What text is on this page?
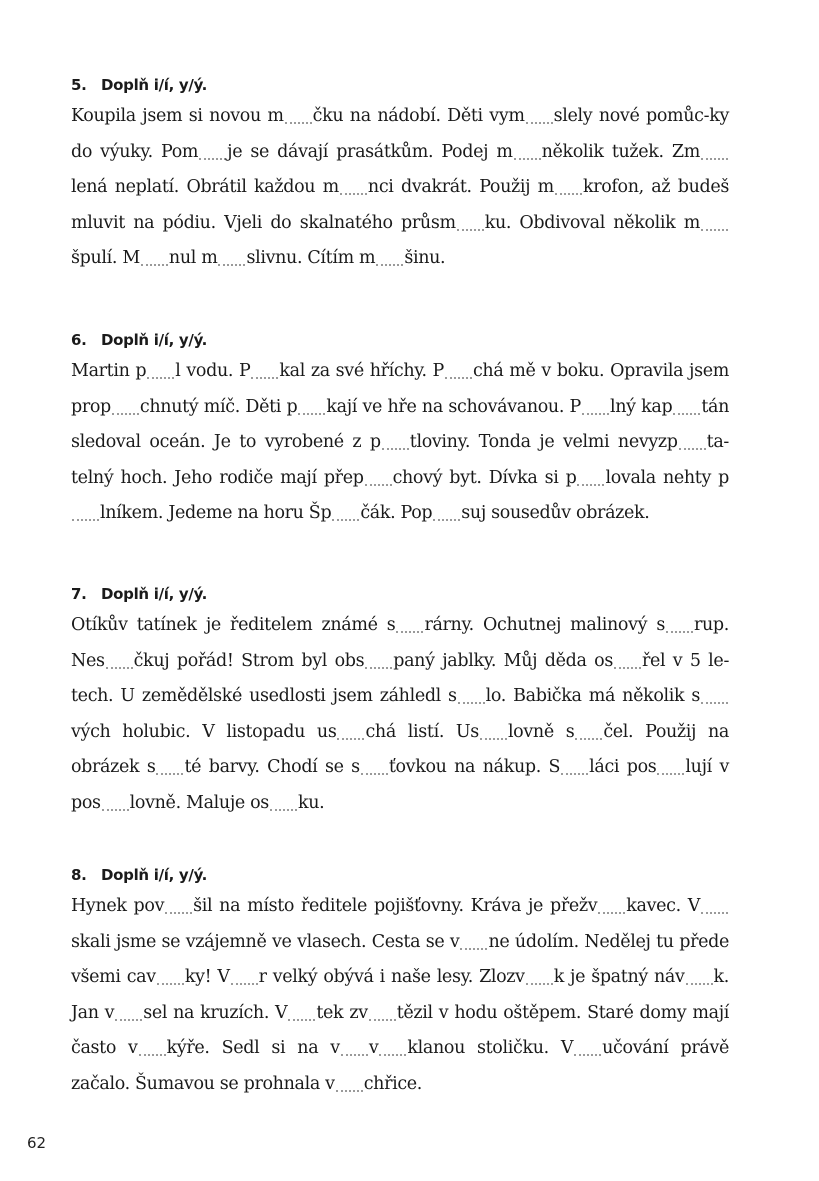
5. Doplň i/í, y/ý.
Koupila jsem si novou m čku na nádobí. Děti vym slely nové pomůc-ky do výuky. Pom je se dávají prasátkům. Podej m několik tužek. Zmlená neplatí. Obrátil každou m nci dvakrát. Použij m krofon, až budeš mluvit na pódiu. Vjeli do skalnatého průsm ku. Obdivoval několik mšpulí. M nul m slivnu. Cítím m šinu.
6. Doplň i/í, y/ý.
Martin p l vodu. P kal za své hříchy. P chá mě v boku. Opravila jsem prop chnutý míč. Děti p kají ve hře na schovávanou. P lný kap tán sledoval oceán. Je to vyrobené z p tloviny. Tonda je velmi nevyzp ta-telný hoch. Jeho rodiče mají přep chový byt. Dívka si p lovala nehty plníkem. Jedeme na horu Šp čák. Pop suj sousedův obrázek.
7. Doplň i/í, y/ý.
Otíkův tatínek je ředitelem známé s rárny. Ochutnej malinový s rup. Nes čkuj pořád! Strom byl obs paný jablky. Můj děda os řel v 5 le-tech. U zemědělské usedlosti jsem záhledl s lo. Babička má několik svých holubic. V listopadu us chá listí. Us lovně s čel. Použij na obrázek s té barvy. Chodí se s ťovkou na nákup. S láci pos lují v pos lovně. Maluje os ku.
8. Doplň i/í, y/ý.
Hynek pov šil na místo ředitele pojišťovny. Kráva je přežv kavec. Vskali jsme se vzájemně ve vlasech. Cesta se v ne údolím. Nedělej tu přede všemi cav ky! V r velký obývá i naše lesy. Zlozv k je špatný náv k. Jan v sel na kruzích. V tek zv tězil v hodu oštěpem. Staré domy mají často v kýře. Sedl si na v v klanou stoličku. V učování právě začalo. Šumavou se prohnala v chřice.
62
